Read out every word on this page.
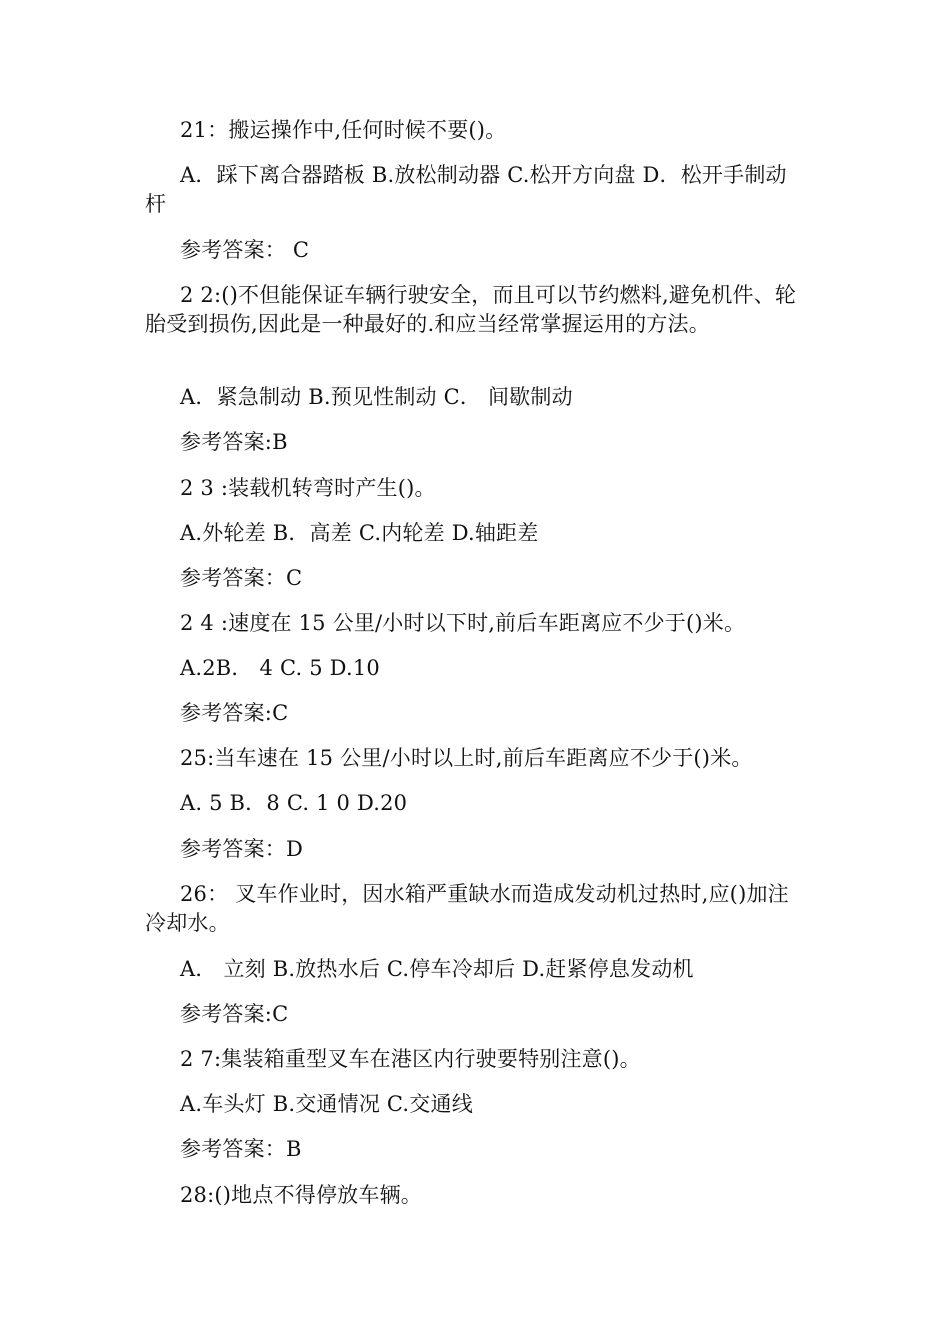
21：搬运操作中,任何时候不要()。

A．踩下离合器踏板 B.放松制动器 C.松开方向盘 D．松开手制动杆

参考答案： C

2 2:()不但能保证车辆行驶安全，而且可以节约燃料,避免机件、轮胎受到损伤,因此是一种最好的.和应当经常掌握运用的方法。

A．紧急制动 B.预见性制动 C． 间歇制动

参考答案:B

2 3 :装载机转弯时产生()。

A.外轮差 B．高差 C.内轮差 D.轴距差

参考答案：C

2 4 :速度在 15 公里/小时以下时,前后车距离应不少于()米。

A.2B． 4 C. 5 D.10

参考答案:C

25:当车速在 15 公里/小时以上时,前后车距离应不少于()米。

A. 5 B．8 C. 1 0 D.20

参考答案：D

26： 叉车作业时，因水箱严重缺水而造成发动机过热时,应()加注冷却水。

A． 立刻 B.放热水后 C.停车冷却后 D.赶紧停息发动机

参考答案:C

2 7:集装箱重型叉车在港区内行驶要特别注意()。

A.车头灯 B.交通情况 C.交通线

参考答案：B

28:()地点不得停放车辆。
